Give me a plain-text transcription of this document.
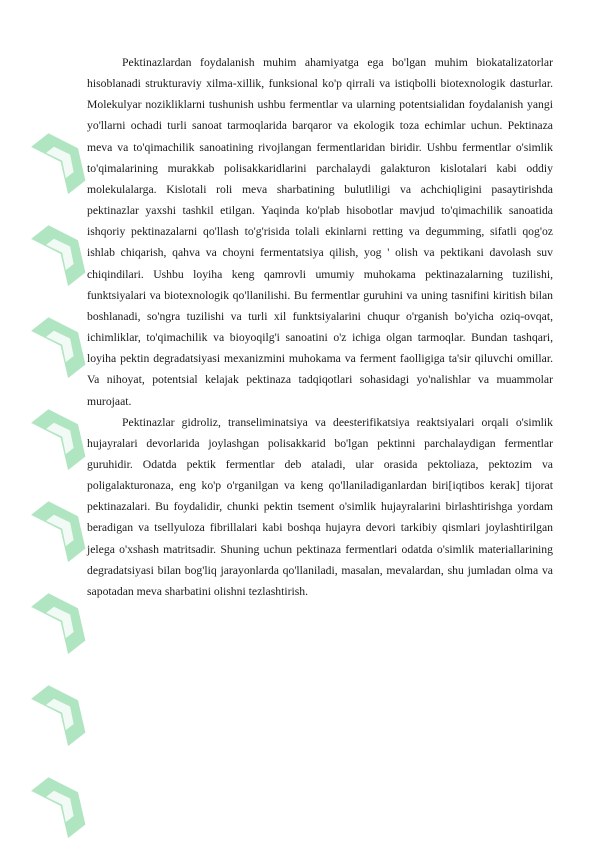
Pektinazlardan foydalanish muhim ahamiyatga ega bo'lgan muhim biokatalizatorlar hisoblanadi strukturaviy xilma-xillik, funksional ko'p qirrali va istiqbolli biotexnologik dasturlar. Molekulyar nozikliklarni tushunish ushbu fermentlar va ularning potentsialidan foydalanish yangi yo'llarni ochadi turli sanoat tarmoqlarida barqaror va ekologik toza echimlar uchun. Pektinaza meva va to'qimachilik sanoatining rivojlangan fermentlaridan biridir. Ushbu fermentlar o'simlik to'qimalarining murakkab polisakkaridlarini parchalaydi galakturon kislotalari kabi oddiy molekulalarga. Kislotali roli meva sharbatining bulutliligi va achchiqligini pasaytirishda pektinazlar yaxshi tashkil etilgan. Yaqinda ko'plab hisobotlar mavjud to'qimachilik sanoatida ishqoriy pektinazalarni qo'llash to'g'risida tolali ekinlarni retting va degumming, sifatli qog'oz ishlab chiqarish, qahva va choyni fermentatsiya qilish, yog ' olish va pektikani davolash suv chiqindilari. Ushbu loyiha keng qamrovli umumiy muhokama pektinazalarning tuzilishi, funktsiyalari va biotexnologik qo'llanilishi. Bu fermentlar guruhini va uning tasnifini kiritish bilan boshlanadi, so'ngra tuzilishi va turli xil funktsiyalarini chuqur o'rganish bo'yicha oziq-ovqat, ichimliklar, to'qimachilik va bioyoqilg'i sanoatini o'z ichiga olgan tarmoqlar. Bundan tashqari, loyiha pektin degradatsiyasi mexanizmini muhokama va ferment faolligiga ta'sir qiluvchi omillar. Va nihoyat, potentsial kelajak pektinaza tadqiqotlari sohasidagi yo'nalishlar va muammolar murojaat.

Pektinazlar gidroliz, transeliminatsiya va deesterifikatsiya reaktsiyalari orqali o'simlik hujayralari devorlarida joylashgan polisakkarid bo'lgan pektinni parchalaydigan fermentlar guruhidir. Odatda pektik fermentlar deb ataladi, ular orasida pektoliaza, pektozim va poligalakturonaza, eng ko'p o'rganilgan va keng qo'llaniladiganlardan biri[iqtibos kerak] tijorat pektinazalari. Bu foydalidir, chunki pektin tsement o'simlik hujayralarini birlashtirishga yordam beradigan va tsellyuloza fibrillalari kabi boshqa hujayra devori tarkibiy qismlari joylashtirilgan jelega o'xshash matritsadir. Shuning uchun pektinaza fermentlari odatda o'simlik materiallarining degradatsiyasi bilan bog'liq jarayonlarda qo'llaniladi, masalan, mevalardan, shu jumladan olma va sapotadan meva sharbatini olishni tezlashtirish.
